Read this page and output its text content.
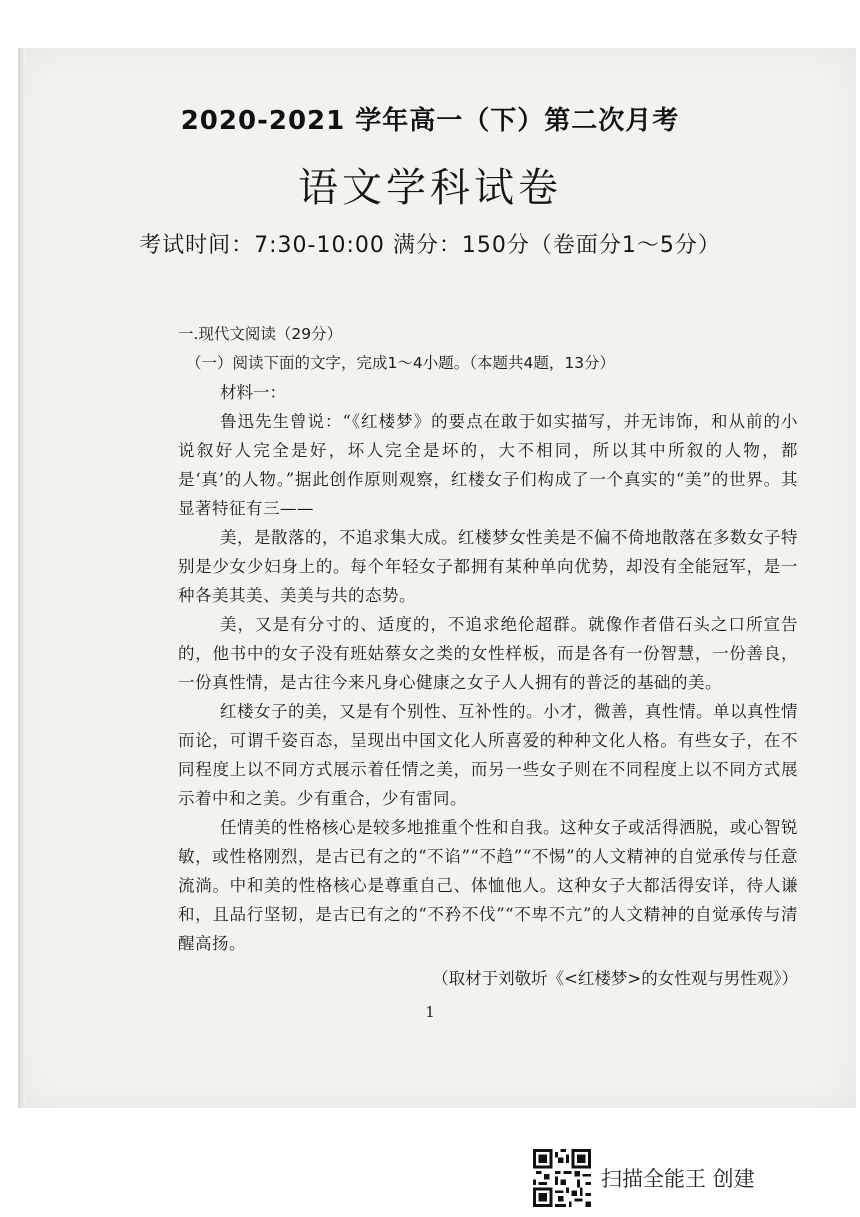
2020-2021 学年高一（下）第二次月考
语文学科试卷
考试时间：7:30-10:00 满分：150分（卷面分1～5分）
一.现代文阅读（29分）
（一）阅读下面的文字，完成1～4小题。（本题共4题，13分）
材料一：
鲁迅先生曾说：“《红楼梦》的要点在敢于如实描写，并无讳饰，和从前的小说叙好人完全是好，坏人完全是坏的，大不相同，所以其中所叙的人物，都是‘真’的人物。”据此创作原则观察，红楼女子们构成了一个真实的“美”的世界。其显著特征有三——
美，是散落的，不追求集大成。红楼梦女性美是不偏不倚地散落在多数女子特别是少女少妇身上的。每个年轻女子都拥有某种单向优势，却没有全能冠军，是一种各美其美、美美与共的态势。
美，又是有分寸的、适度的，不追求绝伦超群。就像作者借石头之口所宣告的，他书中的女子没有班姑蔡女之类的女性样板，而是各有一份智慧，一份善良，一份真性情，是古往今来凡身心健康之女子人人拥有的普泛的基础的美。
红楼女子的美，又是有个别性、互补性的。小才，微善，真性情。单以真性情而论，可谓千姿百态，呈现出中国文化人所喜爱的种种文化人格。有些女子，在不同程度上以不同方式展示着任情之美，而另一些女子则在不同程度上以不同方式展示着中和之美。少有重合，少有雷同。
任情美的性格核心是较多地推重个性和自我。这种女子或活得洒脱，或心智锐敏，或性格刚烈，是古已有之的“不谄”“不趋”“不惕”的人文精神的自觉承传与任意流淌。中和美的性格核心是尊重自己、体恤他人。这种女子大都活得安详，待人谦和，且品行坚韧，是古已有之的“不矜不伐”“不卑不亢”的人文精神的自觉承传与清醒高扬。
（取材于刘敬圻《<红楼梦>的女性观与男性观》）
1
扫描全能王 创建
